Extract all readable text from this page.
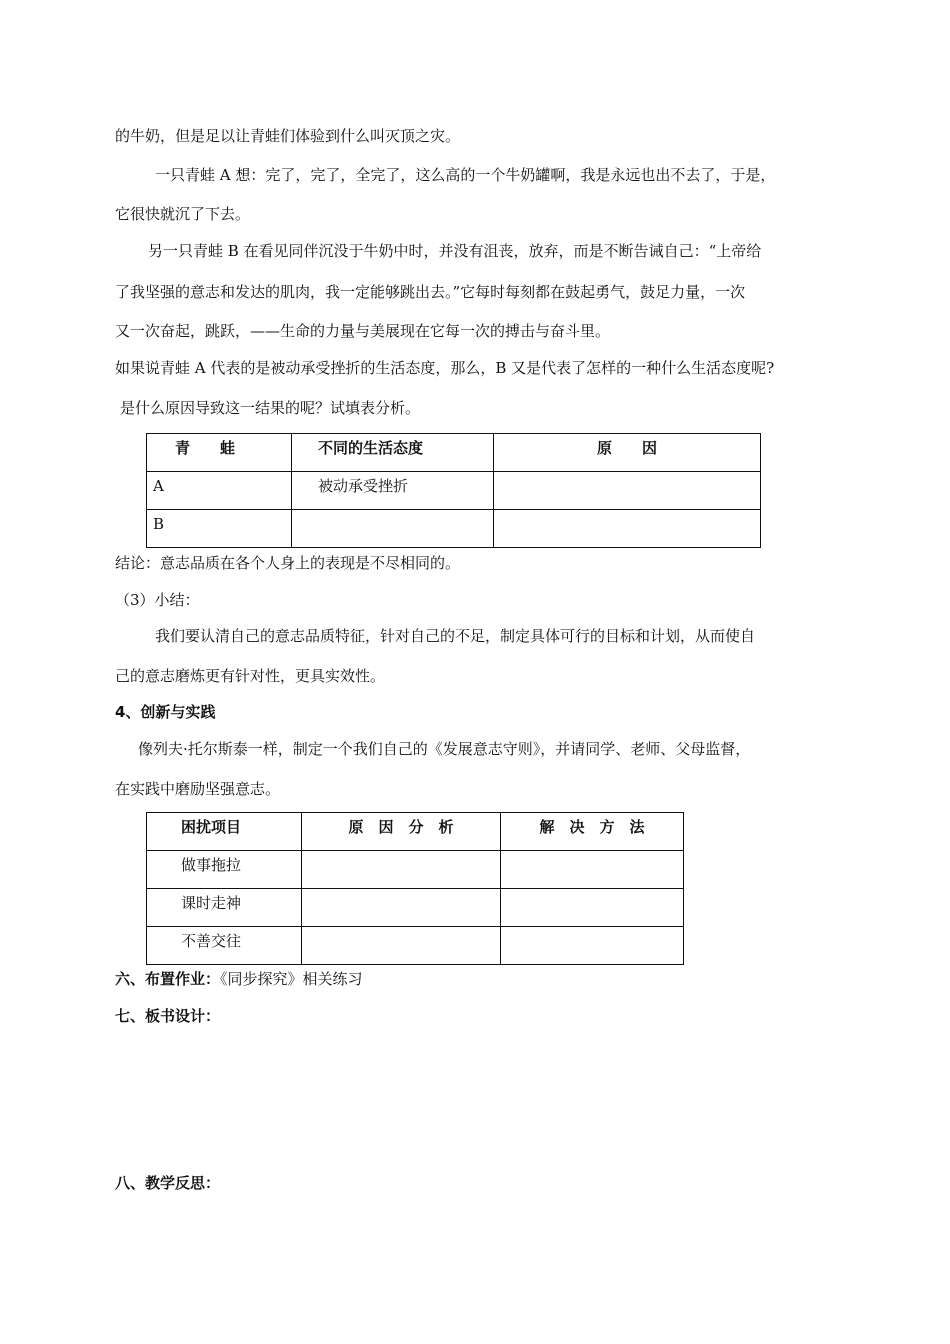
的牛奶，但是足以让青蛙们体验到什么叫灭顶之灾。
一只青蛙 A 想：完了，完了，全完了，这么高的一个牛奶罐啊，我是永远也出不去了，于是，
它很快就沉了下去。
另一只青蛙 B 在看见同伴沉没于牛奶中时，并没有沮丧，放弃，而是不断告诫自己：“上帝给
了我坚强的意志和发达的肌肉，我一定能够跳出去。”它每时每刻都在鼓起勇气，鼓足力量，一次
又一次奋起，跳跃，——生命的力量与美展现在它每一次的搏击与奋斗里。
如果说青蛙 A 代表的是被动承受挫折的生活态度，那么，B 又是代表了怎样的一种什么生活态度呢?
是什么原因导致这一结果的呢？试填表分析。
青　　蛙	不同的生活态度	原　　因
A	被动承受挫折	
B		
结论：意志品质在各个人身上的表现是不尽相同的。
（3）小结：
我们要认清自己的意志品质特征，针对自己的不足，制定具体可行的目标和计划，从而使自
己的意志磨炼更有针对性，更具实效性。
4、创新与实践
像列夫·托尔斯泰一样，制定一个我们自己的《发展意志守则》，并请同学、老师、父母监督，
在实践中磨励坚强意志。
困扰项目	原　因　分　析	解　决　方　法
做事拖拉		
课时走神		
不善交往		
六、布置作业：《同步探究》相关练习
七、板书设计：
八、教学反思：
